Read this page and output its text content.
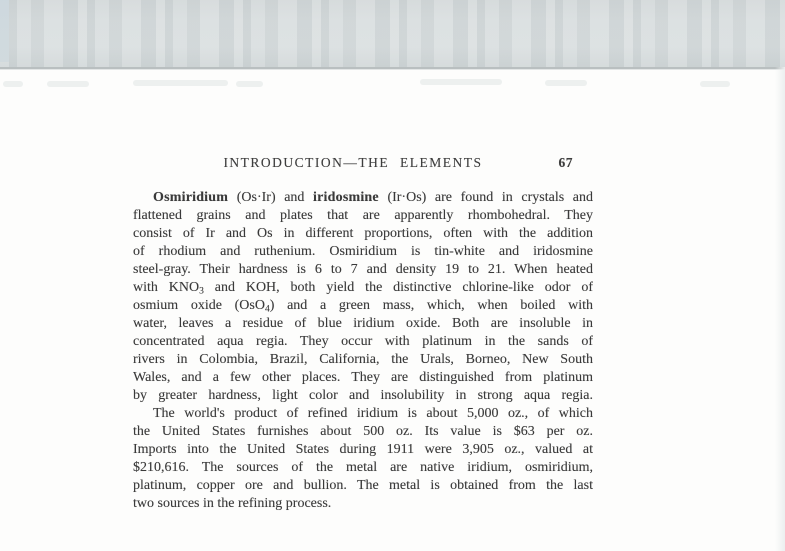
INTRODUCTION—THE ELEMENTS	67
Osmiridium (Os·Ir) and iridosmine (Ir·Os) are found in crystals and
flattened grains and plates that are apparently rhombohedral. They
consist of Ir and Os in different proportions, often with the addition
of rhodium and ruthenium. Osmiridium is tin-white and iridosmine
steel-gray. Their hardness is 6 to 7 and density 19 to 21. When heated
with $KNO_3$ and KOH, both yield the distinctive chlorine-like odor of
osmium oxide (OsO$_4$) and a green mass, which, when boiled with
water, leaves a residue of blue iridium oxide. Both are insoluble in
concentrated aqua regia. They occur with platinum in the sands of
rivers in Colombia, Brazil, California, the Urals, Borneo, New South
Wales, and a few other places. They are distinguished from platinum
by greater hardness, light color and insolubility in strong aqua regia.
The world's product of refined iridium is about 5,000 oz., of which
the United States furnishes about 500 oz. Its value is $63 per oz.
Imports into the United States during 1911 were 3,905 oz., valued at
$210,616. The sources of the metal are native iridium, osmiridium,
platinum, copper ore and bullion. The metal is obtained from the last
two sources in the refining process.
